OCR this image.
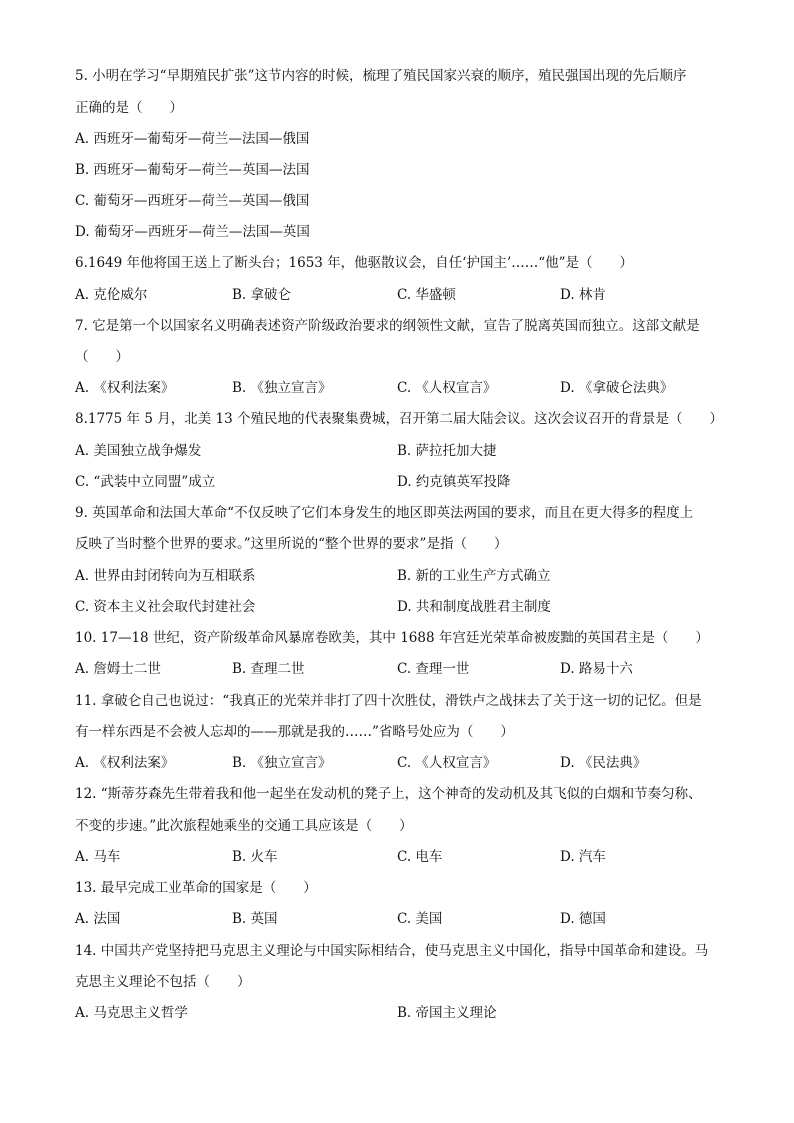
5. 小明在学习“早期殖民扩张”这节内容的时候，梳理了殖民国家兴衰的顺序，殖民强国出现的先后顺序
正确的是（　　）
A. 西班牙—葡萄牙—荷兰—法国—俄国
B. 西班牙—葡萄牙—荷兰—英国—法国
C. 葡萄牙—西班牙—荷兰—英国—俄国
D. 葡萄牙—西班牙—荷兰—法国—英国
6.1649 年他将国王送上了断头台；1653 年，他驱散议会，自任‘护国主’……“他”是（　　）
A. 克伦威尔	B. 拿破仑	C. 华盛顿	D. 林肯
7. 它是第一个以国家名义明确表述资产阶级政治要求的纲领性文献，宣告了脱离英国而独立。这部文献是
（　　）
A. 《权利法案》	B. 《独立宣言》	C. 《人权宣言》	D. 《拿破仑法典》
8.1775 年 5 月，北美 13 个殖民地的代表聚集费城，召开第二届大陆会议。这次会议召开的背景是（　　）
A. 美国独立战争爆发	B. 萨拉托加大捷
C. “武装中立同盟”成立	D. 约克镇英军投降
9. 英国革命和法国大革命“不仅反映了它们本身发生的地区即英法两国的要求，而且在更大得多的程度上
反映了当时整个世界的要求。”这里所说的“整个世界的要求”是指（　　）
A. 世界由封闭转向为互相联系	B. 新的工业生产方式确立
C. 资本主义社会取代封建社会	D. 共和制度战胜君主制度
10. 17—18 世纪，资产阶级革命风暴席卷欧美，其中 1688 年宫廷光荣革命被废黜的英国君主是（　　）
A. 詹姆士二世	B. 查理二世	C. 查理一世	D. 路易十六
11. 拿破仑自己也说过：“我真正的光荣并非打了四十次胜仗，滑铁卢之战抹去了关于这一切的记忆。但是
有一样东西是不会被人忘却的——那就是我的……”省略号处应为（　　）
A. 《权利法案》	B. 《独立宣言》	C. 《人权宣言》	D. 《民法典》
12. “斯蒂芬森先生带着我和他一起坐在发动机的凳子上，这个神奇的发动机及其飞似的白烟和节奏匀称、
不变的步速。”此次旅程她乘坐的交通工具应该是（　　）
A. 马车	B. 火车	C. 电车	D. 汽车
13. 最早完成工业革命的国家是（　　）
A. 法国	B. 英国	C. 美国	D. 德国
14. 中国共产党坚持把马克思主义理论与中国实际相结合，使马克思主义中国化，指导中国革命和建设。马
克思主义理论不包括（　　）
A. 马克思主义哲学	B. 帝国主义理论
